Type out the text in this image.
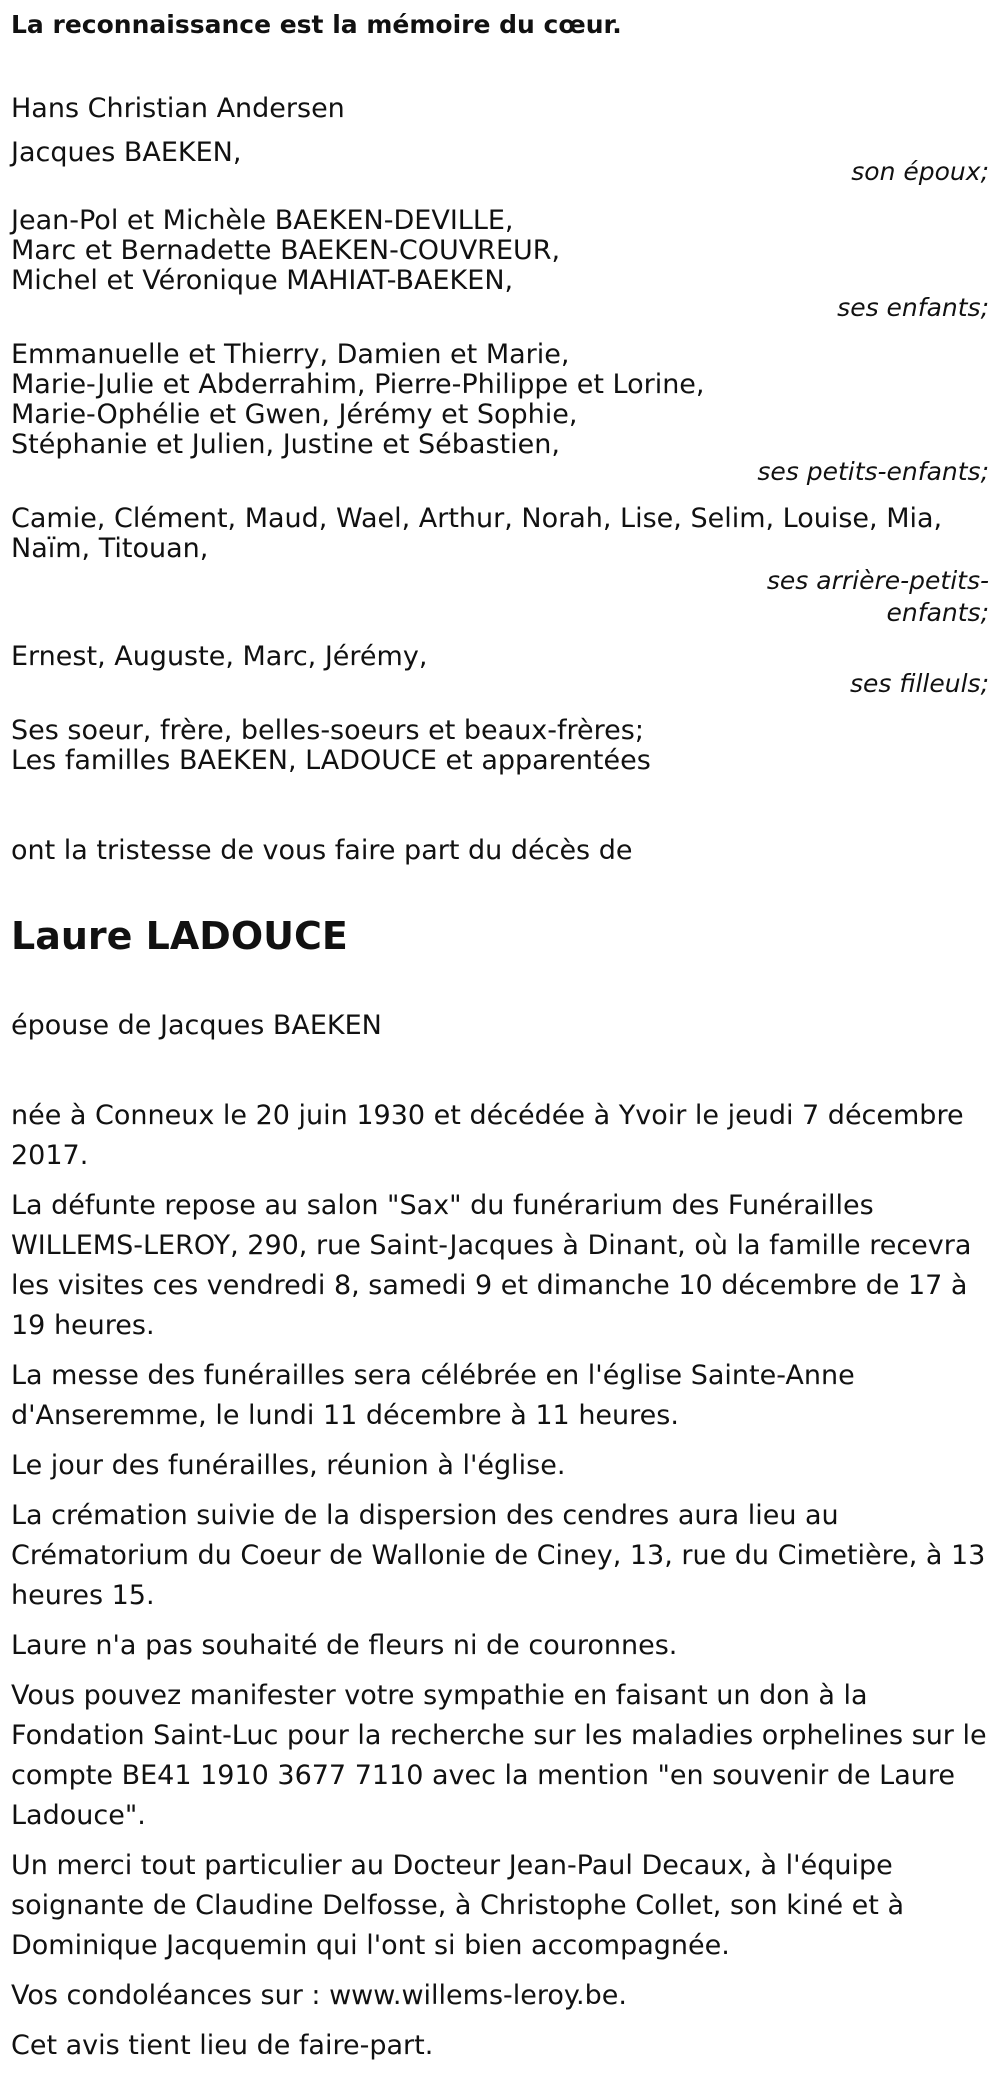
La reconnaissance est la mémoire du cœur.
Hans Christian Andersen
Jacques BAEKEN,
son époux;
Jean-Pol et Michèle BAEKEN-DEVILLE,
Marc et Bernadette BAEKEN-COUVREUR,
Michel et Véronique MAHIAT-BAEKEN,
ses enfants;
Emmanuelle et Thierry, Damien et Marie,
Marie-Julie et Abderrahim, Pierre-Philippe et Lorine,
Marie-Ophélie et Gwen, Jérémy et Sophie,
Stéphanie et Julien, Justine et Sébastien,
ses petits-enfants;
Camie, Clément, Maud, Wael, Arthur, Norah, Lise, Selim, Louise, Mia,
Naïm, Titouan,
ses arrière-petits-
enfants;
Ernest, Auguste, Marc, Jérémy,
ses filleuls;
Ses soeur, frère, belles-soeurs et beaux-frères;
Les familles BAEKEN, LADOUCE et apparentées
ont la tristesse de vous faire part du décès de
Laure LADOUCE
épouse de Jacques BAEKEN
née à Conneux le 20 juin 1930 et décédée à Yvoir le jeudi 7 décembre 2017.
La défunte repose au salon "Sax" du funérarium des Funérailles WILLEMS-LEROY, 290, rue Saint-Jacques à Dinant, où la famille recevra les visites ces vendredi 8, samedi 9 et dimanche 10 décembre de 17 à 19 heures.
La messe des funérailles sera célébrée en l'église Sainte-Anne d'Anseremme, le lundi 11 décembre à 11 heures.
Le jour des funérailles, réunion à l'église.
La crémation suivie de la dispersion des cendres aura lieu au Crématorium du Coeur de Wallonie de Ciney, 13, rue du Cimetière, à 13 heures 15.
Laure n'a pas souhaité de fleurs ni de couronnes.
Vous pouvez manifester votre sympathie en faisant un don à la Fondation Saint-Luc pour la recherche sur les maladies orphelines sur le compte BE41 1910 3677 7110 avec la mention "en souvenir de Laure Ladouce".
Un merci tout particulier au Docteur Jean-Paul Decaux, à l'équipe soignante de Claudine Delfosse, à Christophe Collet, son kiné et à Dominique Jacquemin qui l'ont si bien accompagnée.
Vos condoléances sur : www.willems-leroy.be.
Cet avis tient lieu de faire-part.
